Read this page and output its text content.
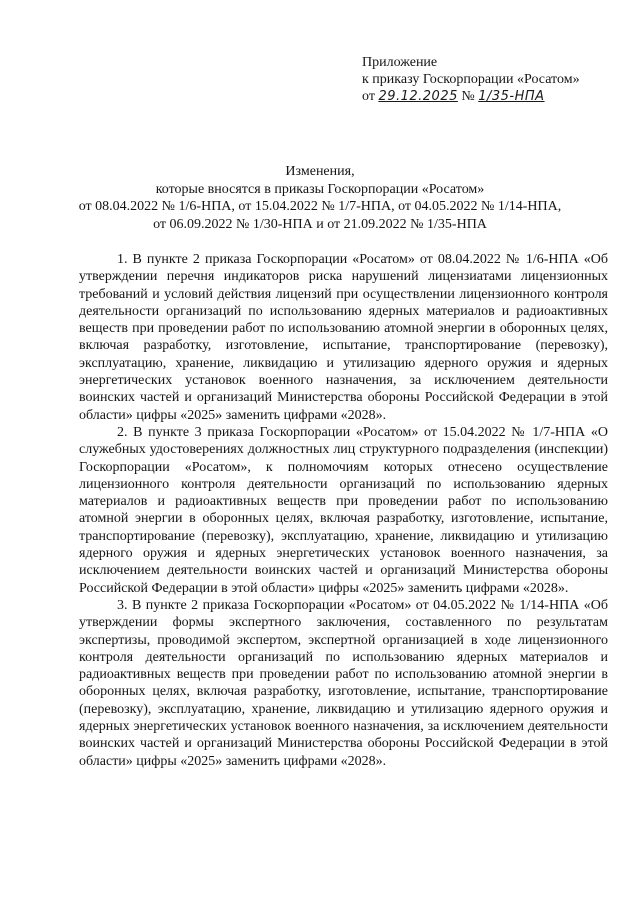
Приложение
к приказу Госкорпорации «Росатом»
от 29.12.2025 № 1/35-НПА
Изменения,
которые вносятся в приказы Госкорпорации «Росатом»
от 08.04.2022 № 1/6-НПА, от 15.04.2022 № 1/7-НПА, от 04.05.2022 № 1/14-НПА,
от 06.09.2022 № 1/30-НПА и от 21.09.2022 № 1/35-НПА

1. В пункте 2 приказа Госкорпорации «Росатом» от 08.04.2022 № 1/6-НПА «Об утверждении перечня индикаторов риска нарушений лицензиатами лицензионных требований и условий действия лицензий при осуществлении лицензионного контроля деятельности организаций по использованию ядерных материалов и радиоактивных веществ при проведении работ по использованию атомной энергии в оборонных целях, включая разработку, изготовление, испытание, транспортирование (перевозку), эксплуатацию, хранение, ликвидацию и утилизацию ядерного оружия и ядерных энергетических установок военного назначения, за исключением деятельности воинских частей и организаций Министерства обороны Российской Федерации в этой области» цифры «2025» заменить цифрами «2028».

2. В пункте 3 приказа Госкорпорации «Росатом» от 15.04.2022 № 1/7-НПА «О служебных удостоверениях должностных лиц структурного подразделения (инспекции) Госкорпорации «Росатом», к полномочиям которых отнесено осуществление лицензионного контроля деятельности организаций по использованию ядерных материалов и радиоактивных веществ при проведении работ по использованию атомной энергии в оборонных целях, включая разработку, изготовление, испытание, транспортирование (перевозку), эксплуатацию, хранение, ликвидацию и утилизацию ядерного оружия и ядерных энергетических установок военного назначения, за исключением деятельности воинских частей и организаций Министерства обороны Российской Федерации в этой области» цифры «2025» заменить цифрами «2028».

3. В пункте 2 приказа Госкорпорации «Росатом» от 04.05.2022 № 1/14-НПА «Об утверждении формы экспертного заключения, составленного по результатам экспертизы, проводимой экспертом, экспертной организацией в ходе лицензионного контроля деятельности организаций по использованию ядерных материалов и радиоактивных веществ при проведении работ по использованию атомной энергии в оборонных целях, включая разработку, изготовление, испытание, транспортирование (перевозку), эксплуатацию, хранение, ликвидацию и утилизацию ядерного оружия и ядерных энергетических установок военного назначения, за исключением деятельности воинских частей и организаций Министерства обороны Российской Федерации в этой области» цифры «2025» заменить цифрами «2028».
